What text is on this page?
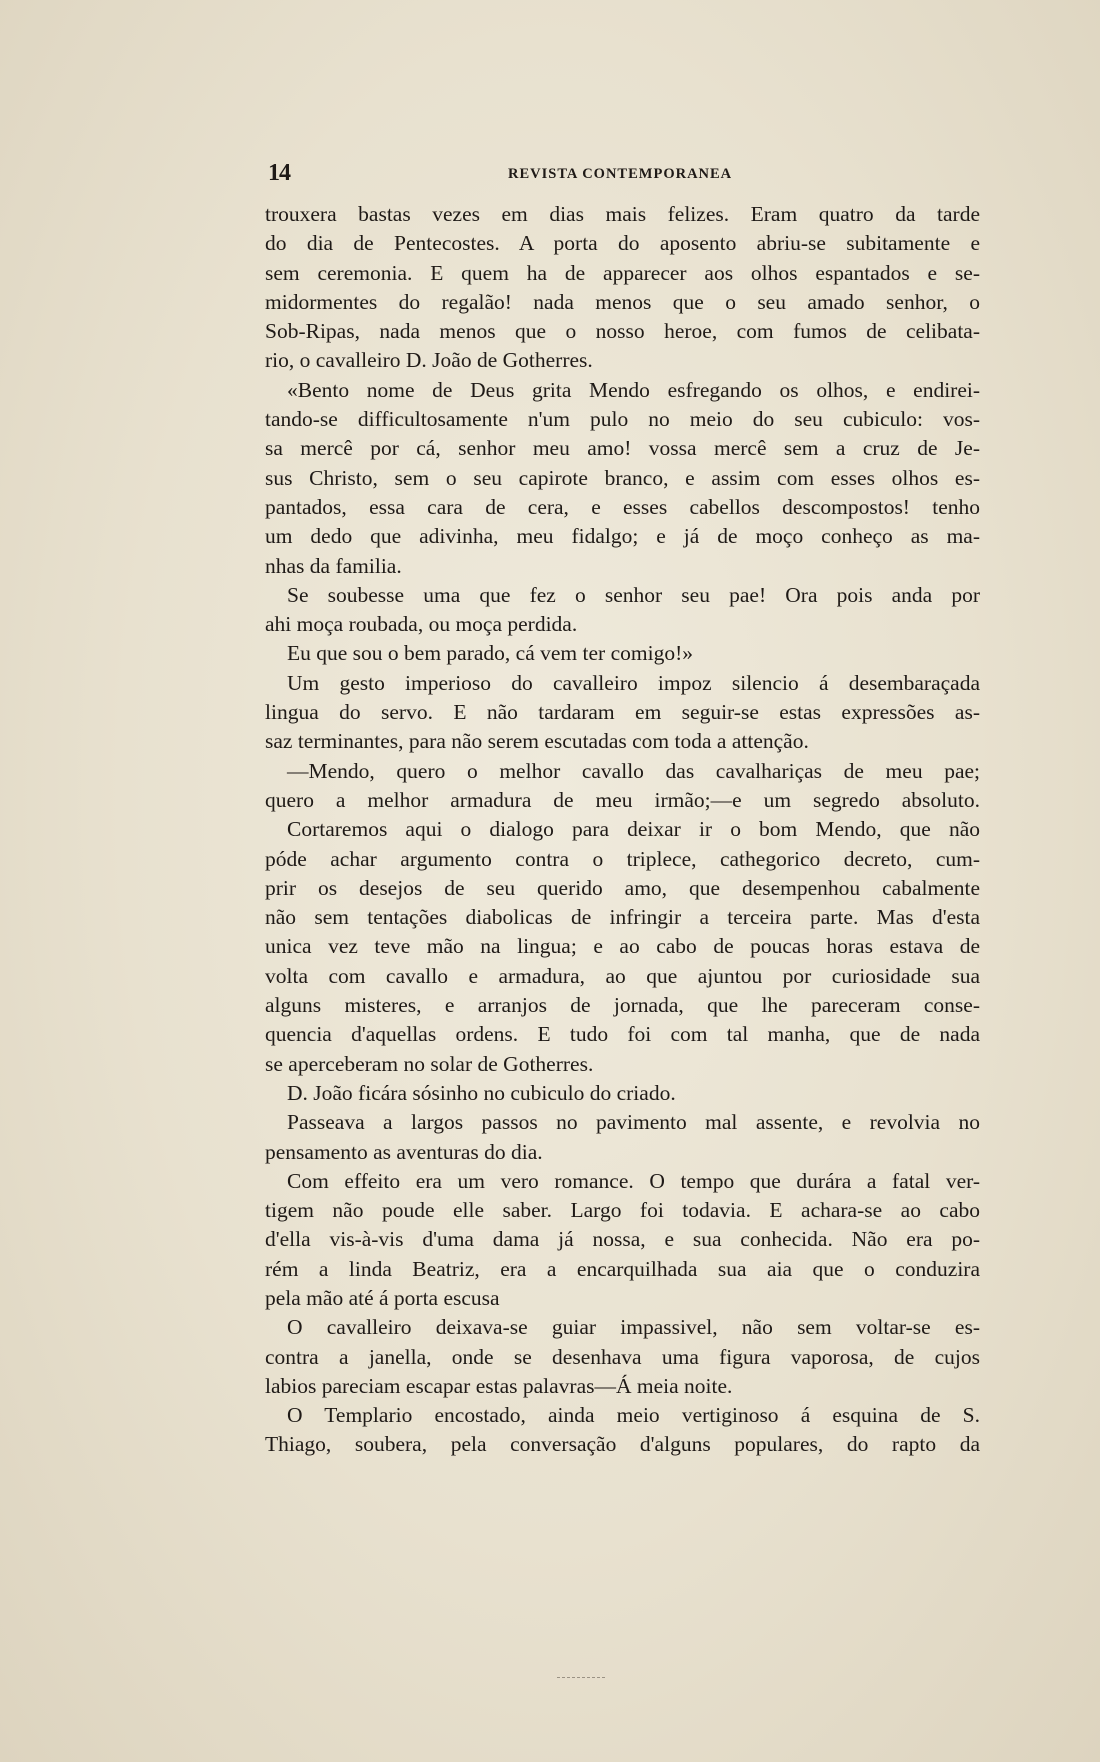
14	REVISTA CONTEMPORANEA
trouxera bastas vezes em dias mais felizes. Eram quatro da tarde
do dia de Pentecostes. A porta do aposento abriu-se subitamente e
sem ceremonia. E quem ha de apparecer aos olhos espantados e se-
midormentes do regalão! nada menos que o seu amado senhor, o
Sob-Ripas, nada menos que o nosso heroe, com fumos de celibata-
rio, o cavalleiro D. João de Gotherres.
«Bento nome de Deus grita Mendo esfregando os olhos, e endirei-
tando-se difficultosamente n'um pulo no meio do seu cubiculo: vos-
sa mercê por cá, senhor meu amo! vossa mercê sem a cruz de Je-
sus Christo, sem o seu capirote branco, e assim com esses olhos es-
pantados, essa cara de cera, e esses cabellos descompostos! tenho
um dedo que adivinha, meu fidalgo; e já de moço conheço as ma-
nhas da familia.
Se soubesse uma que fez o senhor seu pae! Ora pois anda por
ahi moça roubada, ou moça perdida.
Eu que sou o bem parado, cá vem ter comigo!»
Um gesto imperioso do cavalleiro impoz silencio á desembaraçada
lingua do servo. E não tardaram em seguir-se estas expressões as-
saz terminantes, para não serem escutadas com toda a attenção.
—Mendo, quero o melhor cavallo das cavalhariças de meu pae;
quero a melhor armadura de meu irmão;—e um segredo absoluto.
Cortaremos aqui o dialogo para deixar ir o bom Mendo, que não
póde achar argumento contra o triplece, cathegorico decreto, cum-
prir os desejos de seu querido amo, que desempenhou cabalmente
não sem tentações diabolicas de infringir a terceira parte. Mas d'esta
unica vez teve mão na lingua; e ao cabo de poucas horas estava de
volta com cavallo e armadura, ao que ajuntou por curiosidade sua
alguns misteres, e arranjos de jornada, que lhe pareceram conse-
quencia d'aquellas ordens. E tudo foi com tal manha, que de nada
se aperceberam no solar de Gotherres.
D. João ficára sósinho no cubiculo do criado.
Passeava a largos passos no pavimento mal assente, e revolvia no
pensamento as aventuras do dia.
Com effeito era um vero romance. O tempo que durára a fatal ver-
tigem não poude elle saber. Largo foi todavia. E achara-se ao cabo
d'ella vis-à-vis d'uma dama já nossa, e sua conhecida. Não era po-
rém a linda Beatriz, era a encarquilhada sua aia que o conduzira
pela mão até á porta escusa
O cavalleiro deixava-se guiar impassivel, não sem voltar-se es-
contra a janella, onde se desenhava uma figura vaporosa, de cujos
labios pareciam escapar estas palavras—Á meia noite.
O Templario encostado, ainda meio vertiginoso á esquina de S.
Thiago, soubera, pela conversação d'alguns populares, do rapto da
